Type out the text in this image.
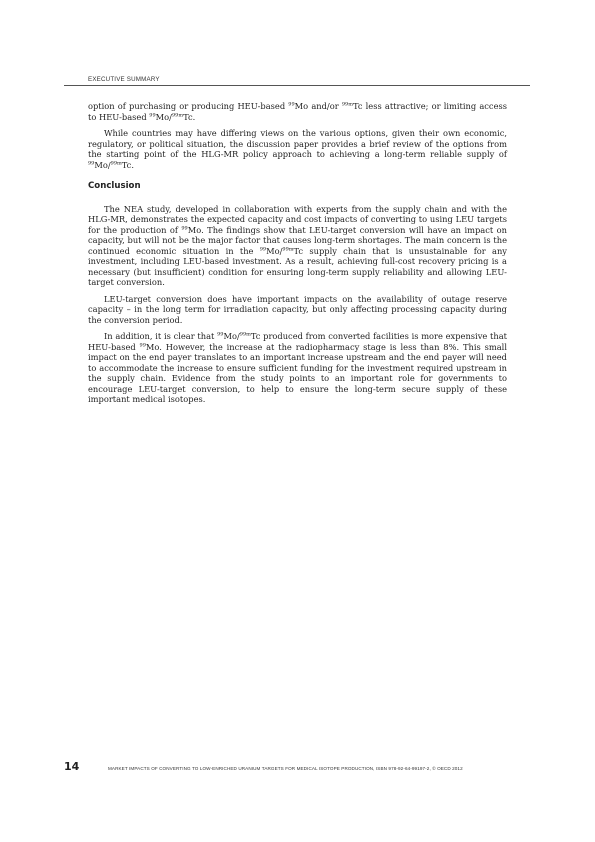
EXECUTIVE SUMMARY

option of purchasing or producing HEU-based $^{99}$Mo and/or $^{99m}$Tc less attractive; or limiting access to HEU-based $^{99}$Mo/$^{99m}$Tc.

While countries may have differing views on the various options, given their own economic, regulatory, or political situation, the discussion paper provides a brief review of the options from the starting point of the HLG-MR policy approach to achieving a long-term reliable supply of $^{99}$Mo/$^{99m}$Tc.

Conclusion

The NEA study, developed in collaboration with experts from the supply chain and with the HLG-MR, demonstrates the expected capacity and cost impacts of converting to using LEU targets for the production of $^{99}$Mo. The findings show that LEU-target conversion will have an impact on capacity, but will not be the major factor that causes long-term shortages. The main concern is the continued economic situation in the $^{99}$Mo/$^{99m}$Tc supply chain that is unsustainable for any investment, including LEU-based investment. As a result, achieving full-cost recovery pricing is a necessary (but insufficient) condition for ensuring long-term supply reliability and allowing LEU-target conversion.

LEU-target conversion does have important impacts on the availability of outage reserve capacity – in the long term for irradiation capacity, but only affecting processing capacity during the conversion period.

In addition, it is clear that $^{99}$Mo/$^{99m}$Tc produced from converted facilities is more expensive that HEU-based $^{99}$Mo. However, the increase at the radiopharmacy stage is less than 8%. This small impact on the end payer translates to an important increase upstream and the end payer will need to accommodate the increase to ensure sufficient funding for the investment required upstream in the supply chain. Evidence from the study points to an important role for governments to encourage LEU-target conversion, to help to ensure the long-term secure supply of these important medical isotopes.

14	MARKET IMPACTS OF CONVERTING TO LOW-ENRICHED URANIUM TARGETS FOR MEDICAL ISOTOPE PRODUCTION, ISBN 978-92-64-99197-2, © OECD 2012
